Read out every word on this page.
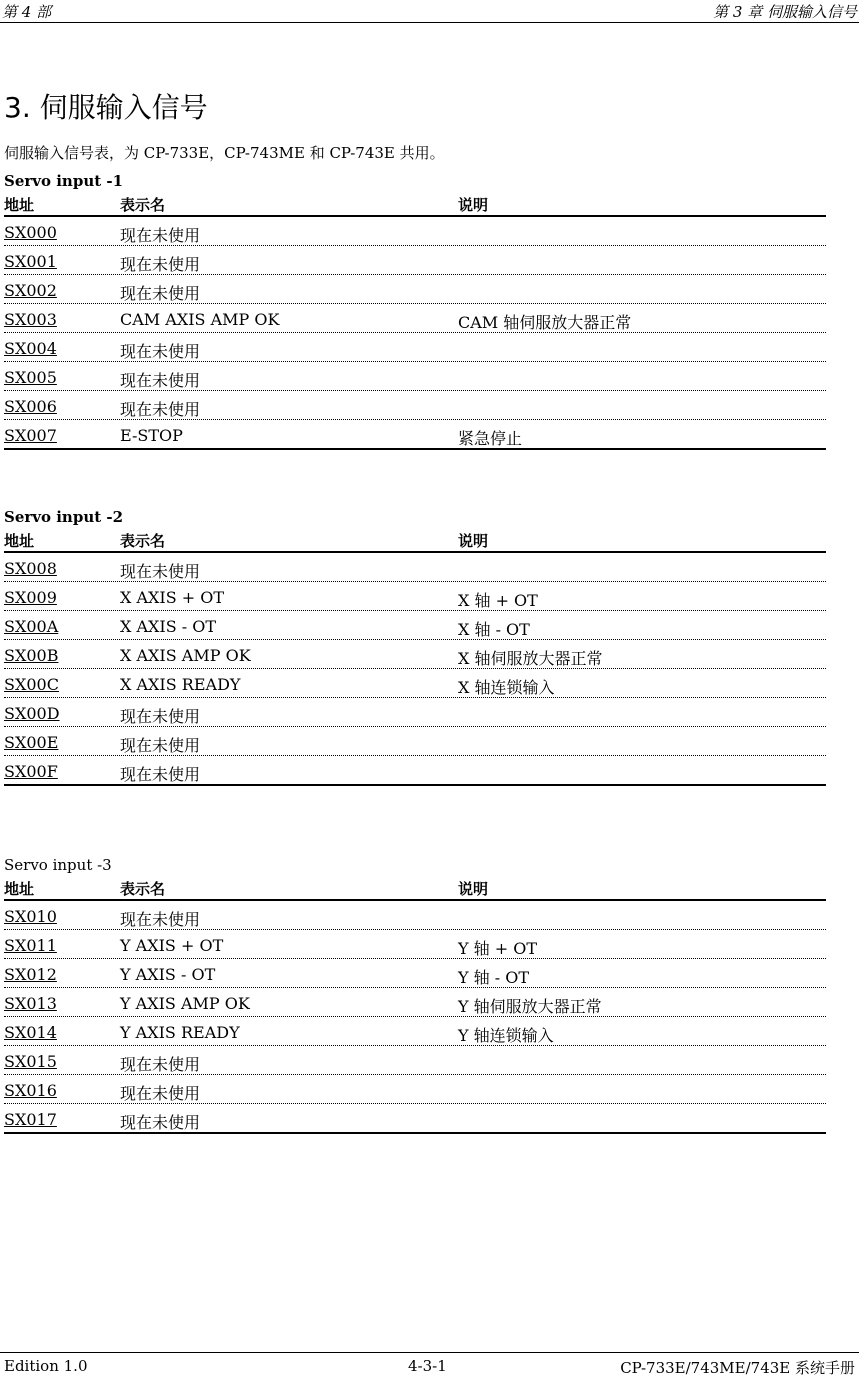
第 4 部	第 3 章 伺服输入信号
3. 伺服输入信号
伺服输入信号表，为 CP-733E，CP-743ME 和 CP-743E 共用。
Servo input -1
地址	表示名	说明
SX000	现在未使用
SX001	现在未使用
SX002	现在未使用
SX003	CAM AXIS AMP OK	CAM 轴伺服放大器正常
SX004	现在未使用
SX005	现在未使用
SX006	现在未使用
SX007	E-STOP	紧急停止
Servo input -2
地址	表示名	说明
SX008	现在未使用
SX009	X AXIS + OT	X 轴 + OT
SX00A	X AXIS - OT	X 轴 - OT
SX00B	X AXIS AMP OK	X 轴伺服放大器正常
SX00C	X AXIS READY	X 轴连锁输入
SX00D	现在未使用
SX00E	现在未使用
SX00F	现在未使用
Servo input -3
地址	表示名	说明
SX010	现在未使用
SX011	Y AXIS + OT	Y 轴 + OT
SX012	Y AXIS - OT	Y 轴 - OT
SX013	Y AXIS AMP OK	Y 轴伺服放大器正常
SX014	Y AXIS READY	Y 轴连锁输入
SX015	现在未使用
SX016	现在未使用
SX017	现在未使用
Edition 1.0	4-3-1	CP-733E/743ME/743E 系统手册
